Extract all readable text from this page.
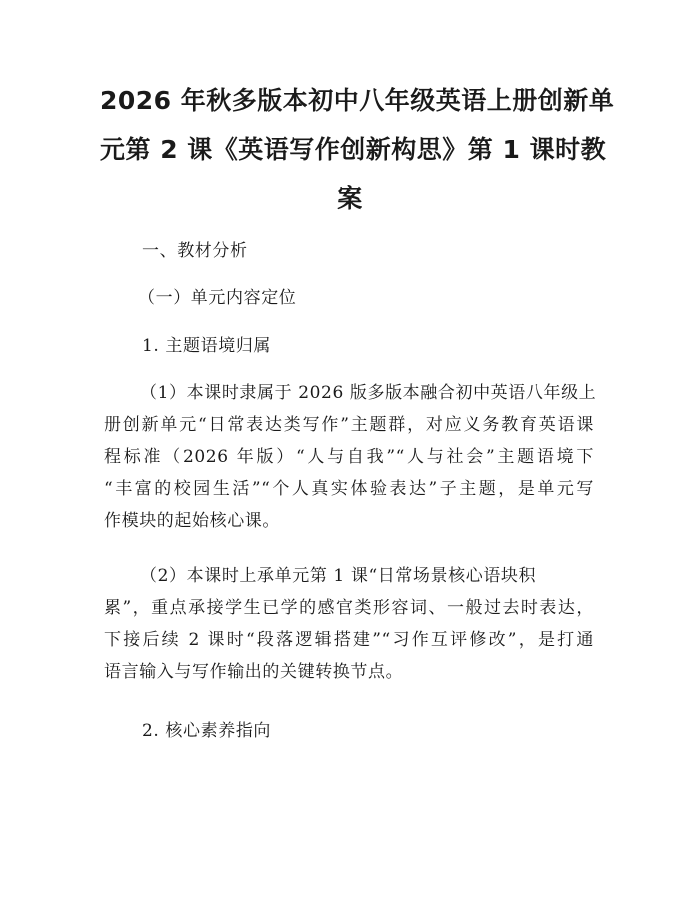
2026 年秋多版本初中八年级英语上册创新单
元第 2 课《英语写作创新构思》第 1 课时教
案
一、教材分析
（一）单元内容定位
1. 主题语境归属
（1）本课时隶属于 2026 版多版本融合初中英语八年级上
册创新单元“日常表达类写作”主题群，对应义务教育英语课
程标准（2026 年版）“人与自我”“人与社会”主题语境下
“丰富的校园生活”“个人真实体验表达”子主题，是单元写
作模块的起始核心课。
（2）本课时上承单元第 1 课“日常场景核心语块积
累”，重点承接学生已学的感官类形容词、一般过去时表达，
下接后续 2 课时“段落逻辑搭建”“习作互评修改”，是打通
语言输入与写作输出的关键转换节点。
2. 核心素养指向
